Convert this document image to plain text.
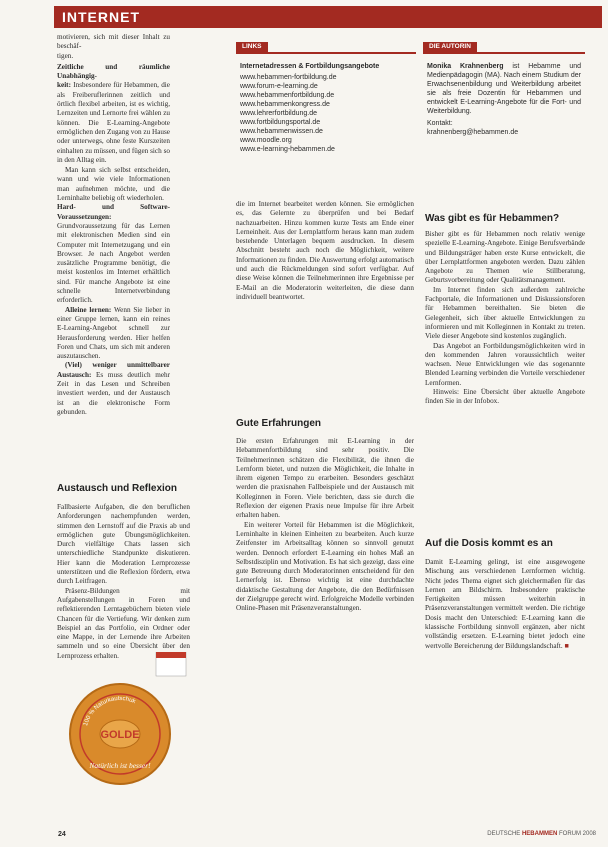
INTERNET

motivieren, sich mit dieser Inhalt zu beschäf-
tigen.

Zeitliche und räumliche Unabhängig-
keit: Insbesondere für Hebammen, die als Freiberuflerinnen zeitlich und örtlich flexibel arbeiten, ist es wichtig, Lernzeiten und Lernorte frei wählen zu können. Die E-Learning-Angebote ermöglichen den Zugang von zu Hause oder unterwegs, ohne feste Kurszeiten einhalten zu müssen, und fügen sich so in den Alltag ein.

Man kann sich selbst entscheiden, wann und wie viele Informationen man aufnehmen möchte, und die Lerninhalte beliebig oft wiederholen.

Hard- und Software-Voraussetzungen: Grundvoraussetzung für das Lernen mit elektronischen Medien sind ein Computer mit Internetzugang und ein Browser. Je nach Angebot werden zusätzliche Programme benötigt, die meist kostenlos im Internet erhältlich sind. Für manche Angebote ist eine schnelle Internetverbindung erforderlich.

Alleine lernen: Wenn Sie lieber in einer Gruppe lernen, kann ein reines E-Learning-Angebot schnell zur Herausforderung werden. Hier helfen Foren und Chats, um sich mit anderen auszutauschen.

(Viel) weniger unmittelbarer Austausch: Es muss deutlich mehr Zeit in das Lesen und Schreiben investiert werden, und der Austausch ist an die elektronische Form gebunden.

Austausch und Reflexion

Fallbasierte Aufgaben, die den beruflichen Anforderungen nachempfunden werden, stimmen den Lernstoff auf die Praxis ab und ermöglichen gute Übungsmöglichkeiten. Durch vielfältige Chats lassen sich unterschiedliche Standpunkte diskutieren. Hier kann die Moderation Lernprozesse unterstützen und die Reflexion fördern, etwa durch Leitfragen.

Präsenz-Bildungen mit Aufgabenstellungen in Foren und reflektierenden Lerntagebüchern bieten viele Chancen für die Vertiefung. Wir denken zum Beispiel an das Portfolio, ein Ordner oder eine Mappe, in der Lernende ihre Arbeiten sammeln und so eine Übersicht über den Lernprozess erhalten.

GOLDE
Natürlich ist besser!
100 % Naturkautschuk
LINKS
Internetadressen & Fortbildungsangebote
www.hebammen-fortbildung.de
www.forum-e-learning.de
www.hebammenfortbildung.de
www.hebammenkongress.de
www.lehrerfortbildung.de
www.fortbildungsportal.de
www.hebammenwissen.de
www.moodle.org
www.e-learning-hebammen.de
DIE AUTORIN
Monika Krahnenberg ist Hebamme und Medienpädagogin (MA). Nach einem Studium der Erwachsenenbildung und Weiterbildung arbeitet sie als freie Dozentin für Hebammen und entwickelt E-Learning-Angebote für die Fort- und Weiterbildung.
Kontakt:
krahnenberg@hebammen.de

die im Internet bearbeitet werden können. Sie ermöglichen es, das Gelernte zu überprüfen und bei Bedarf nachzuarbeiten. Hinzu kommen kurze Tests am Ende einer Lerneinheit. Aus der Lernplattform heraus kann man zudem bestehende Unterlagen bequem ausdrucken. In diesem Abschnitt besteht auch noch die Möglichkeit, weitere Informationen zu finden. Die Auswertung erfolgt automatisch und auch die Rückmeldungen sind sofort verfügbar. Auf diese Weise können die Teilnehmerinnen ihre Ergebnisse per E-Mail an die Moderatorin weiterleiten, die diese dann individuell beantwortet.

Gute Erfahrungen

Die ersten Erfahrungen mit E-Learning in der Hebammenfortbildung sind sehr positiv. Die Teilnehmerinnen schätzen die Flexibilität, die ihnen die Lernform bietet, und nutzen die Möglichkeit, die Inhalte in ihrem eigenen Tempo zu erarbeiten. Besonders geschätzt werden die praxisnahen Fallbeispiele und der Austausch mit Kolleginnen in Foren. Viele berichten, dass sie durch die Reflexion der eigenen Praxis neue Impulse für ihre Arbeit erhalten haben.

Ein weiterer Vorteil für Hebammen ist die Möglichkeit, Lerninhalte in kleinen Einheiten zu bearbeiten. Auch kurze Zeitfenster im Arbeitsalltag können so sinnvoll genutzt werden. Dennoch erfordert E-Learning ein hohes Maß an Selbstdisziplin und Motivation. Es hat sich gezeigt, dass eine gute Betreuung durch Moderatorinnen entscheidend für den Lernerfolg ist. Ebenso wichtig ist eine durchdachte didaktische Gestaltung der Angebote, die den Bedürfnissen der Zielgruppe gerecht wird. Erfolgreiche Modelle verbinden Online-Phasen mit Präsenzveranstaltungen.

Was gibt es für Hebammen?

Bisher gibt es für Hebammen noch relativ wenige spezielle E-Learning-Angebote. Einige Berufsverbände und Bildungsträger haben erste Kurse entwickelt, die über Lernplattformen angeboten werden. Dazu zählen Angebote zu Themen wie Stillberatung, Geburtsvorbereitung oder Qualitätsmanagement.

Im Internet finden sich außerdem zahlreiche Fachportale, die Informationen und Diskussionsforen für Hebammen bereithalten. Sie bieten die Gelegenheit, sich über aktuelle Entwicklungen zu informieren und mit Kolleginnen in Kontakt zu treten. Viele dieser Angebote sind kostenlos zugänglich.

Das Angebot an Fortbildungsmöglichkeiten wird in den kommenden Jahren voraussichtlich weiter wachsen. Neue Entwicklungen wie das sogenannte Blended Learning verbinden die Vorteile verschiedener Lernformen.

Hinweis: Eine Übersicht über aktuelle Angebote finden Sie in der Infobox.

Auf die Dosis kommt es an

Damit E-Learning gelingt, ist eine ausgewogene Mischung aus verschiedenen Lernformen wichtig. Nicht jedes Thema eignet sich gleichermaßen für das Lernen am Bildschirm. Insbesondere praktische Fertigkeiten müssen weiterhin in Präsenzveranstaltungen vermittelt werden. Die richtige Dosis macht den Unterschied: E-Learning kann die klassische Fortbildung sinnvoll ergänzen, aber nicht vollständig ersetzen. E-Learning bietet jedoch eine wertvolle Bereicherung der Bildungslandschaft. ■

24	DEUTSCHE HEBAMMEN FORUM 2008
